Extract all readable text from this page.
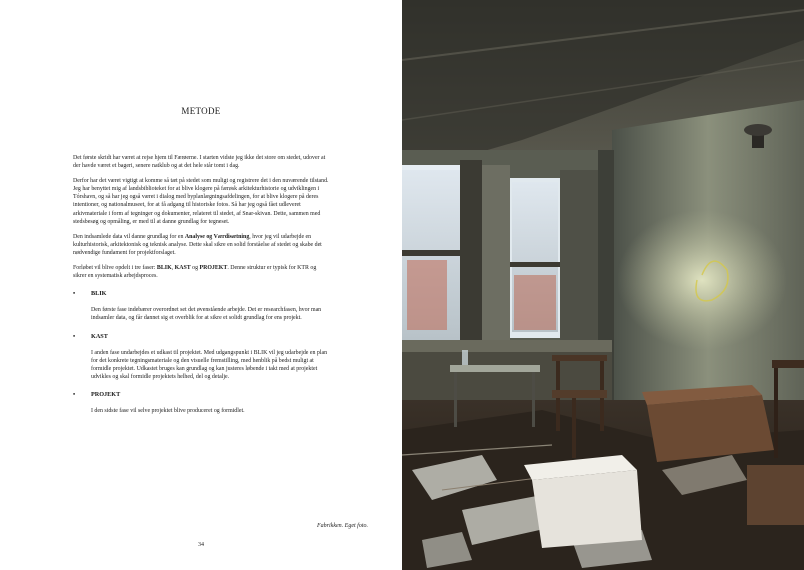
METODE

Det første skridt har været at rejse hjem til Færøerne. I starten vidste jeg ikke det store om stedet, udover at der havde været et bageri, senere natklub og at det hele står tomt i dag.

Derfor har det været vigtigt at komme så tæt på stedet som muligt og registrere det i den nuværende tilstand. Jeg har benyttet mig af landsbiblioteket for at blive klogere på færøsk arkitekturhistorie og udviklingen i Tórshavn, og så har jeg også været i dialog med byplanlægningsafdelingen, for at blive klogere på deres intentioner, og nationalmuseet, for at få adgang til historiske fotos. Så har jeg også fået udleveret arkivmateriale i form af tegninger og dokumenter, relateret til stedet, af Snar-skivan. Dette, sammen med stedsbesøg og opmåling, er med til at danne grundlag for tegneset.

Den indsamlede data vil danne grundlag for en Analyse og Værdisætning, hvor jeg vil udarbejde en kulturhistorisk, arkitektonisk og teknisk analyse. Dette skal sikre en solid forståelse af stedet og skabe det nødvendige fundament for projektforslaget.

Forløbet vil blive opdelt i tre faser: BLIK, KAST og PROJEKT. Denne struktur er typisk for KTR og sikrer en systematisk arbejdsproces.

•	BLIK
Den første fase indebærer overordnet set det øvenstående arbejde. Det er researchfasen, hvor man indsamler data, og får dannet sig et overblik for at sikre et solidt grundlag for ens projekt.
•	KAST
I anden fase undarbejdes et udkast til projektet. Med udgangspunkt i BLIK vil jeg udarbejde en plan for det konkrete tegningsmateriale og den visuelle fremstilling, med henblik på bedst muligt at formidle projektet. Udkastet bruges kan grundlag og kan justeres løbende i takt med at projektet udvikles og skal formidle projektets helhed, del og detalje.
•	PROJEKT
I den sidste fase vil selve projektet blive produceret og formidlet.
Fabrikken. Eget foto.
34
